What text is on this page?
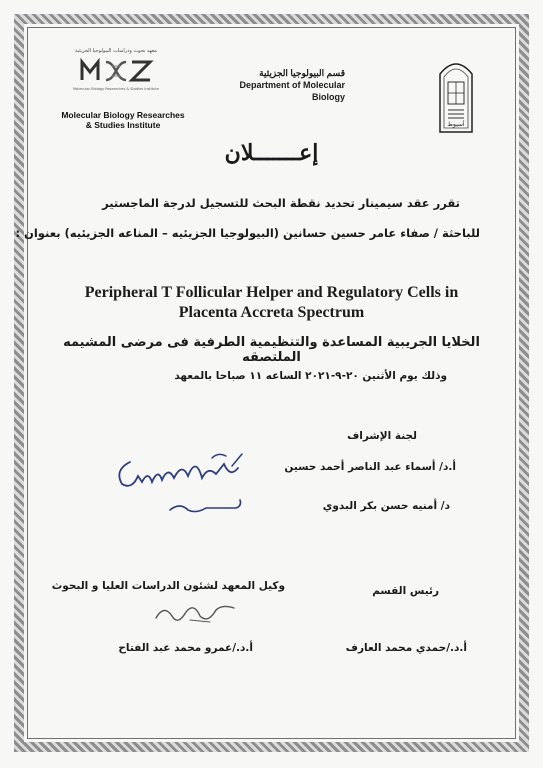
معهد بحوث ودراسات البيولوجيا الجزيئية
Molecular Biology Researches & Studies Institute
Molecular Biology Researches
& Studies Institute
قسم البيولوجيا الجزيئية
Department of Molecular Biology
أسيوط
إعـــــــلان
تقرر عقد سيمينار تحديد نقطة البحث للتسجيل لدرجة الماجستير
للباحثة / صفاء عامر حسين حسانين (البيولوجيا الجزيئيه – المناعه الجزيئيه) بعنوان :
Peripheral T Follicular Helper and Regulatory Cells in
Placenta Accreta Spectrum
الخلايا الجريبية المساعدة والتنظيمية الطرفية فى مرضى المشيمه الملتصقه
وذلك يوم الأثنين ٢٠-٩-٢٠٢١ الساعه ١١ صباحا بالمعهد
لجنة الإشراف
أ.د/ أسماء عبد الناصر أحمد حسين
د/ أمنيه حسن بكر البدوي
رئيس القسم
وكيل المعهد لشئون الدراسات العليا و البحوث
أ.د./حمدي محمد العارف
أ.د./عمرو محمد عبد الفتاح
